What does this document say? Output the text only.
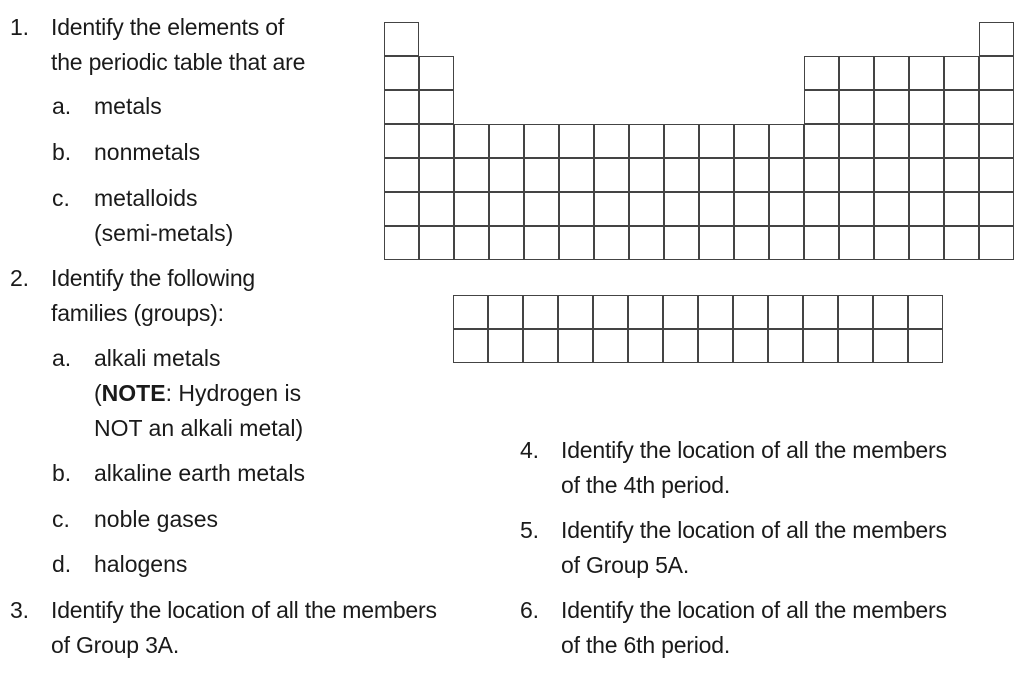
1. Identify the elements of
the periodic table that are
a. metals
b. nonmetals
c. metalloids
(semi-metals)
2. Identify the following
families (groups):
a. alkali metals
(NOTE: Hydrogen is
NOT an alkali metal)
b. alkaline earth metals
c. noble gases
d. halogens
3. Identify the location of all the members
of Group 3A.
4. Identify the location of all the members
of the 4th period.
5. Identify the location of all the members
of Group 5A.
6. Identify the location of all the members
of the 6th period.
